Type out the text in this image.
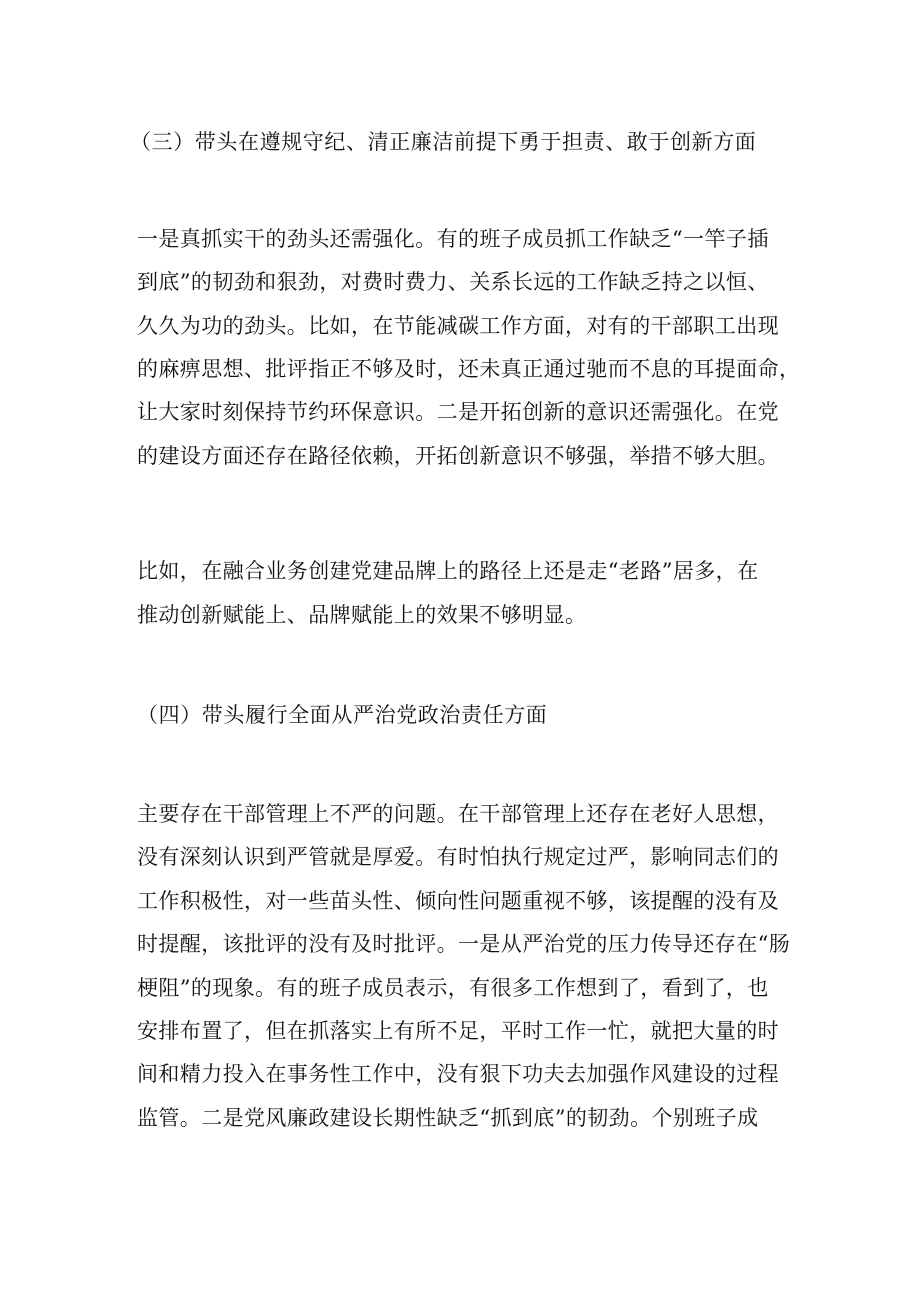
（三）带头在遵规守纪、清正廉洁前提下勇于担责、敢于创新方面
一是真抓实干的劲头还需强化。有的班子成员抓工作缺乏“一竿子插
到底”的韧劲和狠劲，对费时费力、关系长远的工作缺乏持之以恒、
久久为功的劲头。比如，在节能减碳工作方面，对有的干部职工出现
的麻痹思想、批评指正不够及时，还未真正通过驰而不息的耳提面命，
让大家时刻保持节约环保意识。二是开拓创新的意识还需强化。在党
的建设方面还存在路径依赖，开拓创新意识不够强，举措不够大胆。
比如，在融合业务创建党建品牌上的路径上还是走“老路”居多，在
推动创新赋能上、品牌赋能上的效果不够明显。
（四）带头履行全面从严治党政治责任方面
主要存在干部管理上不严的问题。在干部管理上还存在老好人思想，
没有深刻认识到严管就是厚爱。有时怕执行规定过严，影响同志们的
工作积极性，对一些苗头性、倾向性问题重视不够，该提醒的没有及
时提醒，该批评的没有及时批评。一是从严治党的压力传导还存在“肠
梗阻”的现象。有的班子成员表示，有很多工作想到了，看到了，也
安排布置了，但在抓落实上有所不足，平时工作一忙，就把大量的时
间和精力投入在事务性工作中，没有狠下功夫去加强作风建设的过程
监管。二是党风廉政建设长期性缺乏“抓到底”的韧劲。个别班子成
